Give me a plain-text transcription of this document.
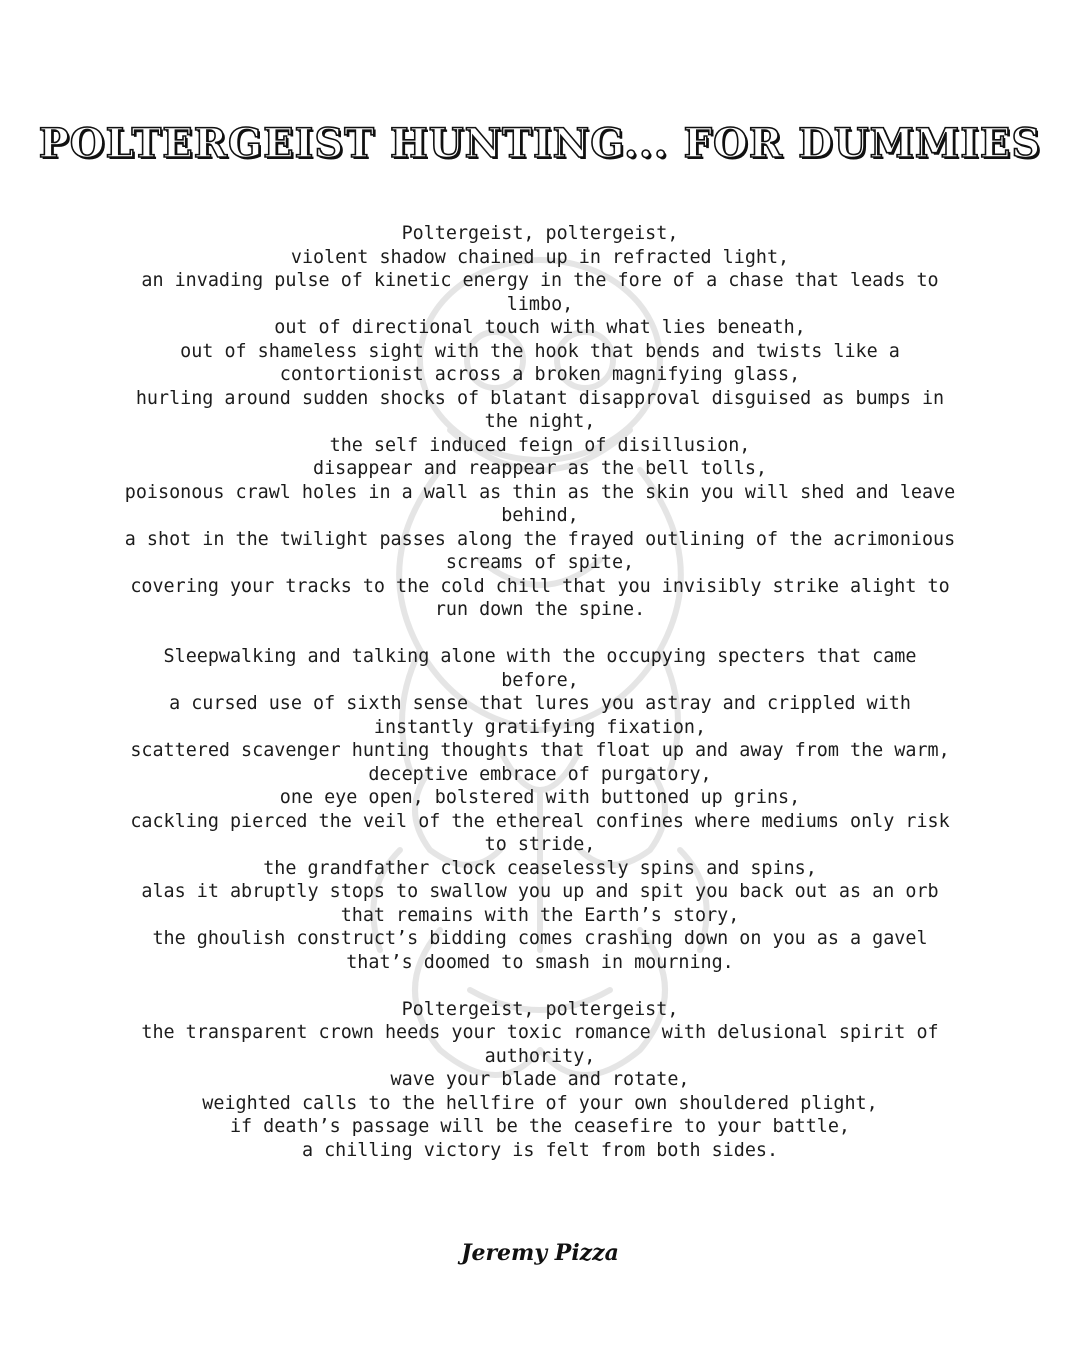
POLTERGEIST HUNTING... FOR DUMMIES
Poltergeist, poltergeist,
violent shadow chained up in refracted light,
an invading pulse of kinetic energy in the fore of a chase that leads to limbo,
out of directional touch with what lies beneath,
out of shameless sight with the hook that bends and twists like a contortionist across a broken magnifying glass,
hurling around sudden shocks of blatant disapproval disguised as bumps in the night,
the self induced feign of disillusion,
disappear and reappear as the bell tolls,
poisonous crawl holes in a wall as thin as the skin you will shed and leave behind,
a shot in the twilight passes along the frayed outlining of the acrimonious screams of spite,
covering your tracks to the cold chill that you invisibly strike alight to run down the spine.
Sleepwalking and talking alone with the occupying specters that came before,
a cursed use of sixth sense that lures you astray and crippled with instantly gratifying fixation,
scattered scavenger hunting thoughts that float up and away from the warm, deceptive embrace of purgatory,
one eye open, bolstered with buttoned up grins,
cackling pierced the veil of the ethereal confines where mediums only risk to stride,
the grandfather clock ceaselessly spins and spins,
alas it abruptly stops to swallow you up and spit you back out as an orb that remains with the Earth’s story,
the ghoulish construct’s bidding comes crashing down on you as a gavel that’s doomed to smash in mourning.
Poltergeist, poltergeist,
the transparent crown heeds your toxic romance with delusional spirit of authority,
wave your blade and rotate,
weighted calls to the hellfire of your own shouldered plight,
if death’s passage will be the ceasefire to your battle,
a chilling victory is felt from both sides.
Jeremy Pizza
